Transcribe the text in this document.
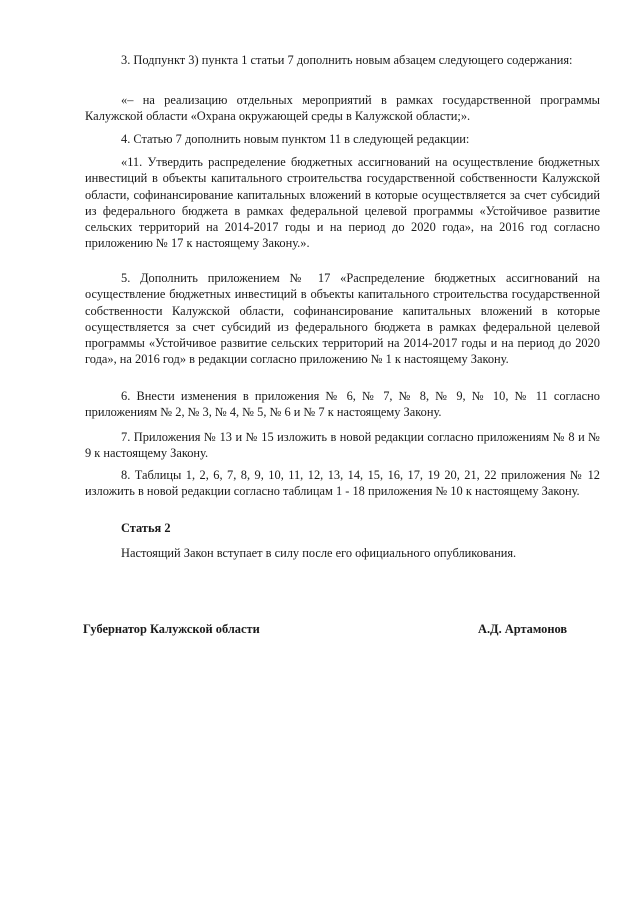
3. Подпункт 3) пункта 1 статьи 7 дополнить новым абзацем следующего содержания:

«– на реализацию отдельных мероприятий в рамках государственной программы Калужской области «Охрана окружающей среды в Калужской области;».

4. Статью 7 дополнить новым пунктом 11 в следующей редакции:

«11. Утвердить распределение бюджетных ассигнований на осуществление бюджетных инвестиций в объекты капитального строительства государственной собственности Калужской области, софинансирование капитальных вложений в которые осуществляется за счет субсидий из федерального бюджета в рамках федеральной целевой программы «Устойчивое развитие сельских территорий на 2014-2017 годы и на период до 2020 года», на 2016 год согласно приложению № 17 к настоящему Закону.».

5. Дополнить приложением № 17 «Распределение бюджетных ассигнований на осуществление бюджетных инвестиций в объекты капитального строительства государственной собственности Калужской области, софинансирование капитальных вложений в которые осуществляется за счет субсидий из федерального бюджета в рамках федеральной целевой программы «Устойчивое развитие сельских территорий на 2014-2017 годы и на период до 2020 года», на 2016 год» в редакции согласно приложению № 1 к настоящему Закону.

6. Внести изменения в приложения № 6, № 7, № 8, № 9, № 10, № 11 согласно приложениям № 2, № 3, № 4, № 5, № 6 и № 7 к настоящему Закону.

7. Приложения № 13 и № 15 изложить в новой редакции согласно приложениям № 8 и № 9 к настоящему Закону.

8. Таблицы 1, 2, 6, 7, 8, 9, 10, 11, 12, 13, 14, 15, 16, 17, 19 20, 21, 22 приложения № 12 изложить в новой редакции согласно таблицам 1 - 18 приложения № 10 к настоящему Закону.

Статья 2

Настоящий Закон вступает в силу после его официального опубликования.

Губернатор Калужской области	А.Д. Артамонов
